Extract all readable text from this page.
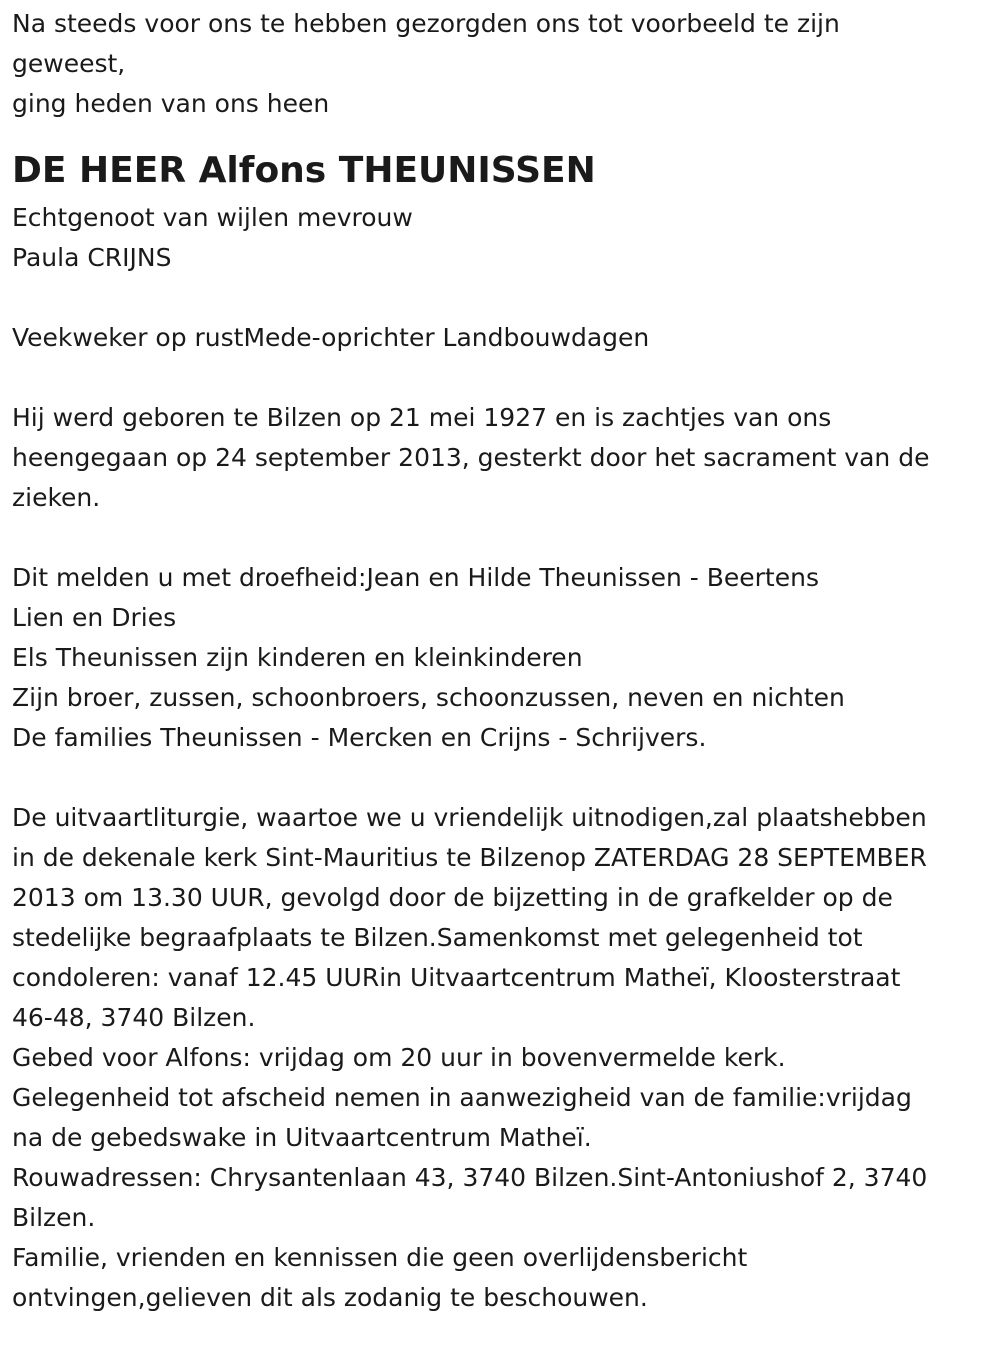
Na steeds voor ons te hebben gezorgden ons tot voorbeeld te zijn
geweest,
ging heden van ons heen
DE HEER Alfons THEUNISSEN
Echtgenoot van wijlen mevrouw
Paula CRIJNS
Veekweker op rustMede-oprichter Landbouwdagen
Hij werd geboren te Bilzen op 21 mei 1927 en is zachtjes van ons
heengegaan op 24 september 2013, gesterkt door het sacrament van de
zieken.
Dit melden u met droefheid:Jean en Hilde Theunissen - Beertens
Lien en Dries
Els Theunissen zijn kinderen en kleinkinderen
Zijn broer, zussen, schoonbroers, schoonzussen, neven en nichten
De families Theunissen - Mercken en Crijns - Schrijvers.
De uitvaartliturgie, waartoe we u vriendelijk uitnodigen,zal plaatshebben
in de dekenale kerk Sint-Mauritius te Bilzenop ZATERDAG 28 SEPTEMBER
2013 om 13.30 UUR, gevolgd door de bijzetting in de grafkelder op de
stedelijke begraafplaats te Bilzen.Samenkomst met gelegenheid tot
condoleren: vanaf 12.45 UURin Uitvaartcentrum Matheï, Kloosterstraat
46-48, 3740 Bilzen.
Gebed voor Alfons: vrijdag om 20 uur in bovenvermelde kerk.
Gelegenheid tot afscheid nemen in aanwezigheid van de familie:vrijdag
na de gebedswake in Uitvaartcentrum Matheï.
Rouwadressen: Chrysantenlaan 43, 3740 Bilzen.Sint-Antoniushof 2, 3740
Bilzen.
Familie, vrienden en kennissen die geen overlijdensbericht
ontvingen,gelieven dit als zodanig te beschouwen.
